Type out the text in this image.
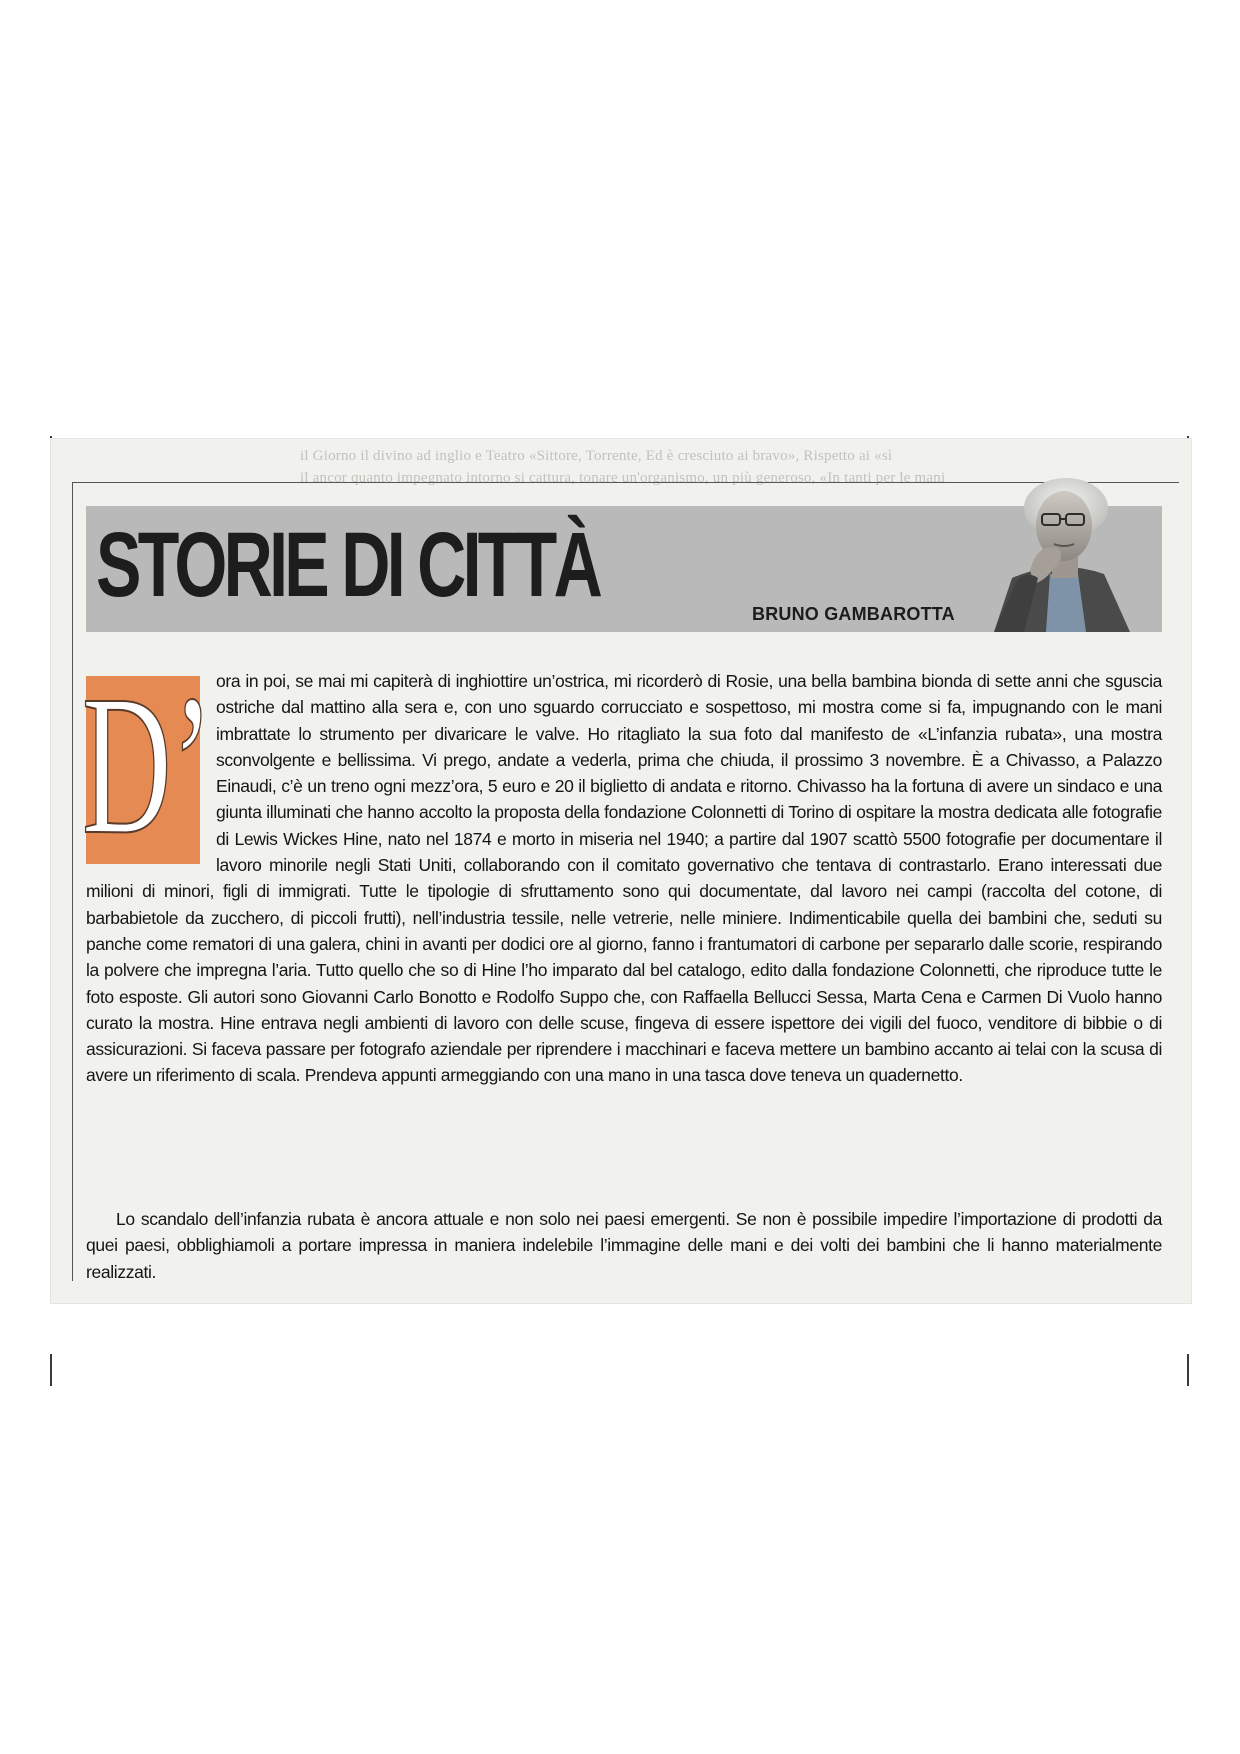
il Giorno il divino ad inglio e Teatro «Sittore, Torrente, Ed è cresciuto ai bravo», Rispetto ai «sì
il ancor quanto impegnato intorno si cattura, tonare un'organismo, un più generoso, «In tanti per le mani
STORIE DI CITTÀ	BRUNO GAMBAROTTA
D’ ora in poi, se mai mi capiterà di inghiottire un’ostrica, mi ricorderò di Rosie, una bella bambina bionda di sette anni che sguscia ostriche dal mattino alla sera e, con uno sguardo corrucciato e sospettoso, mi mostra come si fa, impugnando con le mani imbrattate lo strumento per divaricare le valve. Ho ritagliato la sua foto dal manifesto de «L’infanzia rubata», una mostra sconvolgente e bellissima. Vi prego, andate a vederla, prima che chiuda, il prossimo 3 novembre. È a Chivasso, a Palazzo Einaudi, c’è un treno ogni mezz’ora, 5 euro e 20 il biglietto di andata e ritorno. Chivasso ha la fortuna di avere un sindaco e una giunta illuminati che hanno accolto la proposta della fondazione Colonnetti di Torino di ospitare la mostra dedicata alle fotografie di Lewis Wickes Hine, nato nel 1874 e morto in miseria nel 1940; a partire dal 1907 scattò 5500 fotografie per documentare il lavoro minorile negli Stati Uniti, collaborando con il comitato governativo che tentava di contrastarlo. Erano interessati due milioni di minori, figli di immigrati. Tutte le tipologie di sfruttamento sono qui documentate, dal lavoro nei campi (raccolta del cotone, di barbabietole da zucchero, di piccoli frutti), nell’industria tessile, nelle vetrerie, nelle miniere. Indimenticabile quella dei bambini che, seduti su panche come rematori di una galera, chini in avanti per dodici ore al giorno, fanno i frantumatori di carbone per separarlo dalle scorie, respirando la polvere che impregna l’aria. Tutto quello che so di Hine l’ho imparato dal bel catalogo, edito dalla fondazione Colonnetti, che riproduce tutte le foto esposte. Gli autori sono Giovanni Carlo Bonotto e Rodolfo Suppo che, con Raffaella Bellucci Sessa, Marta Cena e Carmen Di Vuolo hanno curato la mostra. Hine entrava negli ambienti di lavoro con delle scuse, fingeva di essere ispettore dei vigili del fuoco, venditore di bibbie o di assicurazioni. Si faceva passare per fotografo aziendale per riprendere i macchinari e faceva mettere un bambino accanto ai telai con la scusa di avere un riferimento di scala. Prendeva appunti armeggiando con una mano in una tasca dove teneva un quadernetto.

Lo scandalo dell’infanzia rubata è ancora attuale e non solo nei paesi emergenti. Se non è possibile impedire l’importazione di prodotti da quei paesi, obblighiamoli a portare impressa in maniera indelebile l’immagine delle mani e dei volti dei bambini che li hanno materialmente realizzati.
